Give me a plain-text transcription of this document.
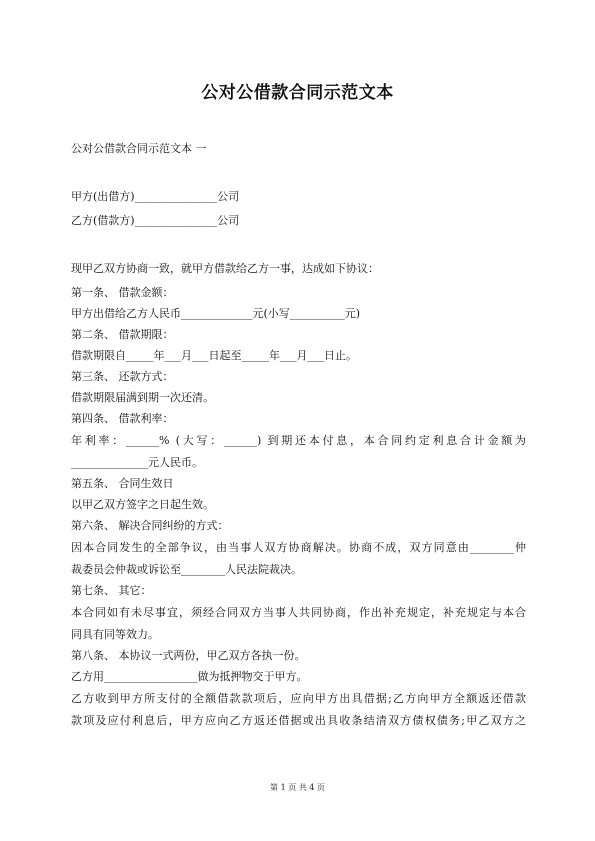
公对公借款合同示范文本
公对公借款合同示范文本 一
甲方(出借方)_______________公司
乙方(借款方)_______________公司
现甲乙双方协商一致，就甲方借款给乙方一事，达成如下协议：
第一条、 借款金额：
甲方出借给乙方人民币_____________元(小写__________元)
第二条、 借款期限：
借款期限自_____年___月___日起至_____年___月___日止。
第三条、 还款方式：
借款期限届满到期一次还清。
第四条、 借款利率：
年利率：______% (大写：______) 到期还本付息，本合同约定利息合计金额为
______________元人民币。
第五条、 合同生效日
以甲乙双方签字之日起生效。
第六条、 解决合同纠纷的方式：
因本合同发生的全部争议，由当事人双方协商解决。协商不成，双方同意由________仲
裁委员会仲裁或诉讼至________人民法院裁决。
第七条、 其它：
本合同如有未尽事宜，须经合同双方当事人共同协商，作出补充规定，补充规定与本合
同具有同等效力。
第八条、 本协议一式两份，甲乙双方各执一份。
乙方用_________________做为抵押物交于甲方。
乙方收到甲方所支付的全额借款款项后，应向甲方出具借据;乙方向甲方全额返还借款
款项及应付利息后，甲方应向乙方返还借据或出具收条结清双方债权债务;甲乙双方之
第 1 页 共 4 页
